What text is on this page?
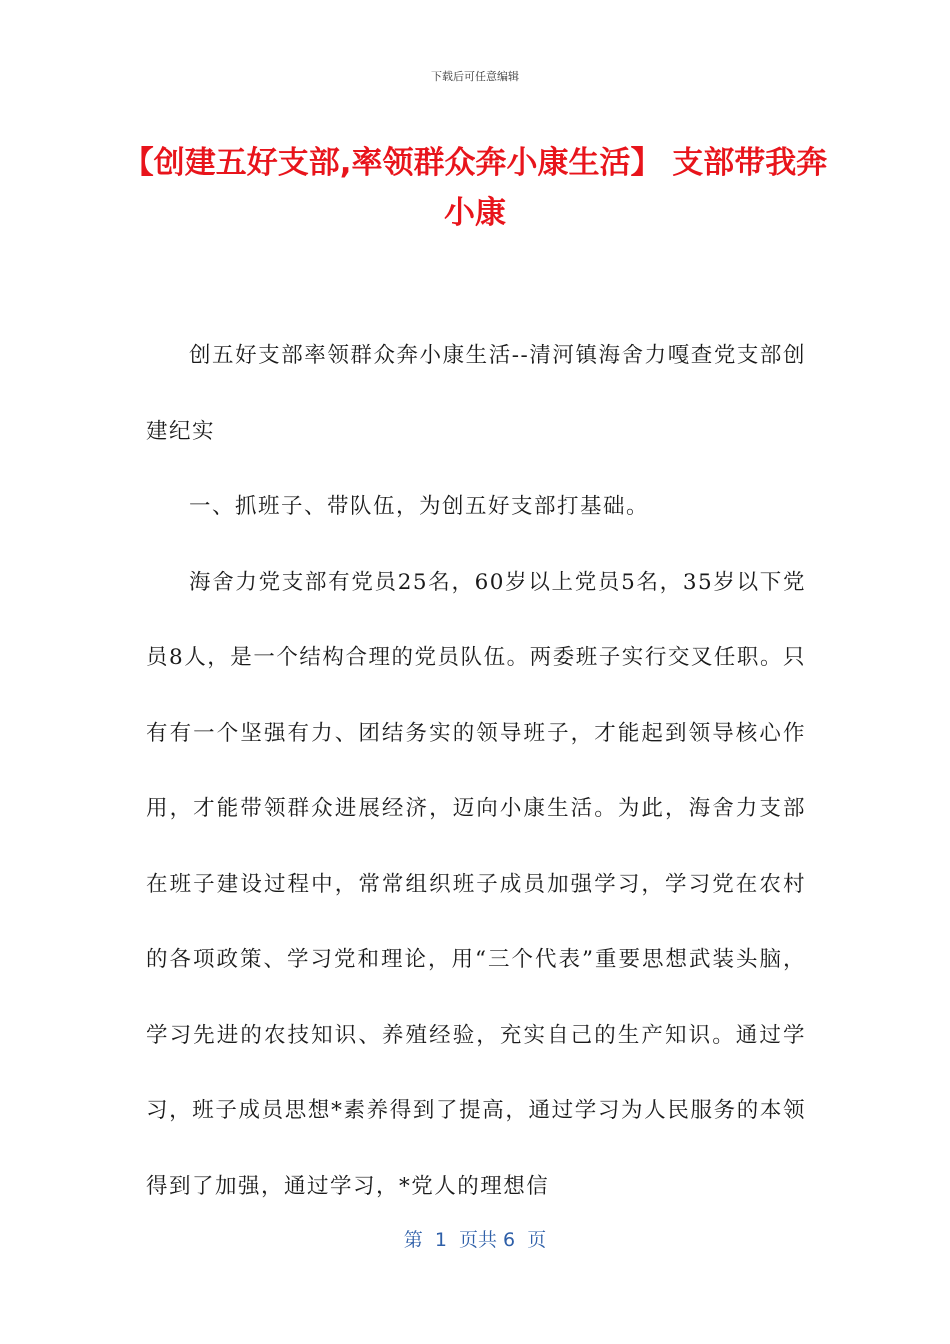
下载后可任意编辑
【创建五好支部,率领群众奔小康生活】 支部带我奔小康

创五好支部率领群众奔小康生活--清河镇海舍力嘎查党支部创建纪实

一、抓班子、带队伍，为创五好支部打基础。

海舍力党支部有党员25名，60岁以上党员5名，35岁以下党员8人，是一个结构合理的党员队伍。两委班子实行交叉任职。只有有一个坚强有力、团结务实的领导班子，才能起到领导核心作用，才能带领群众进展经济，迈向小康生活。为此，海舍力支部在班子建设过程中，常常组织班子成员加强学习，学习党在农村的各项政策、学习党和理论，用“三个代表”重要思想武装头脑，学习先进的农技知识、养殖经验，充实自己的生产知识。通过学习，班子成员思想*素养得到了提高，通过学习为人民服务的本领得到了加强，通过学习，*党人的理想信

第  1  页共 6  页
